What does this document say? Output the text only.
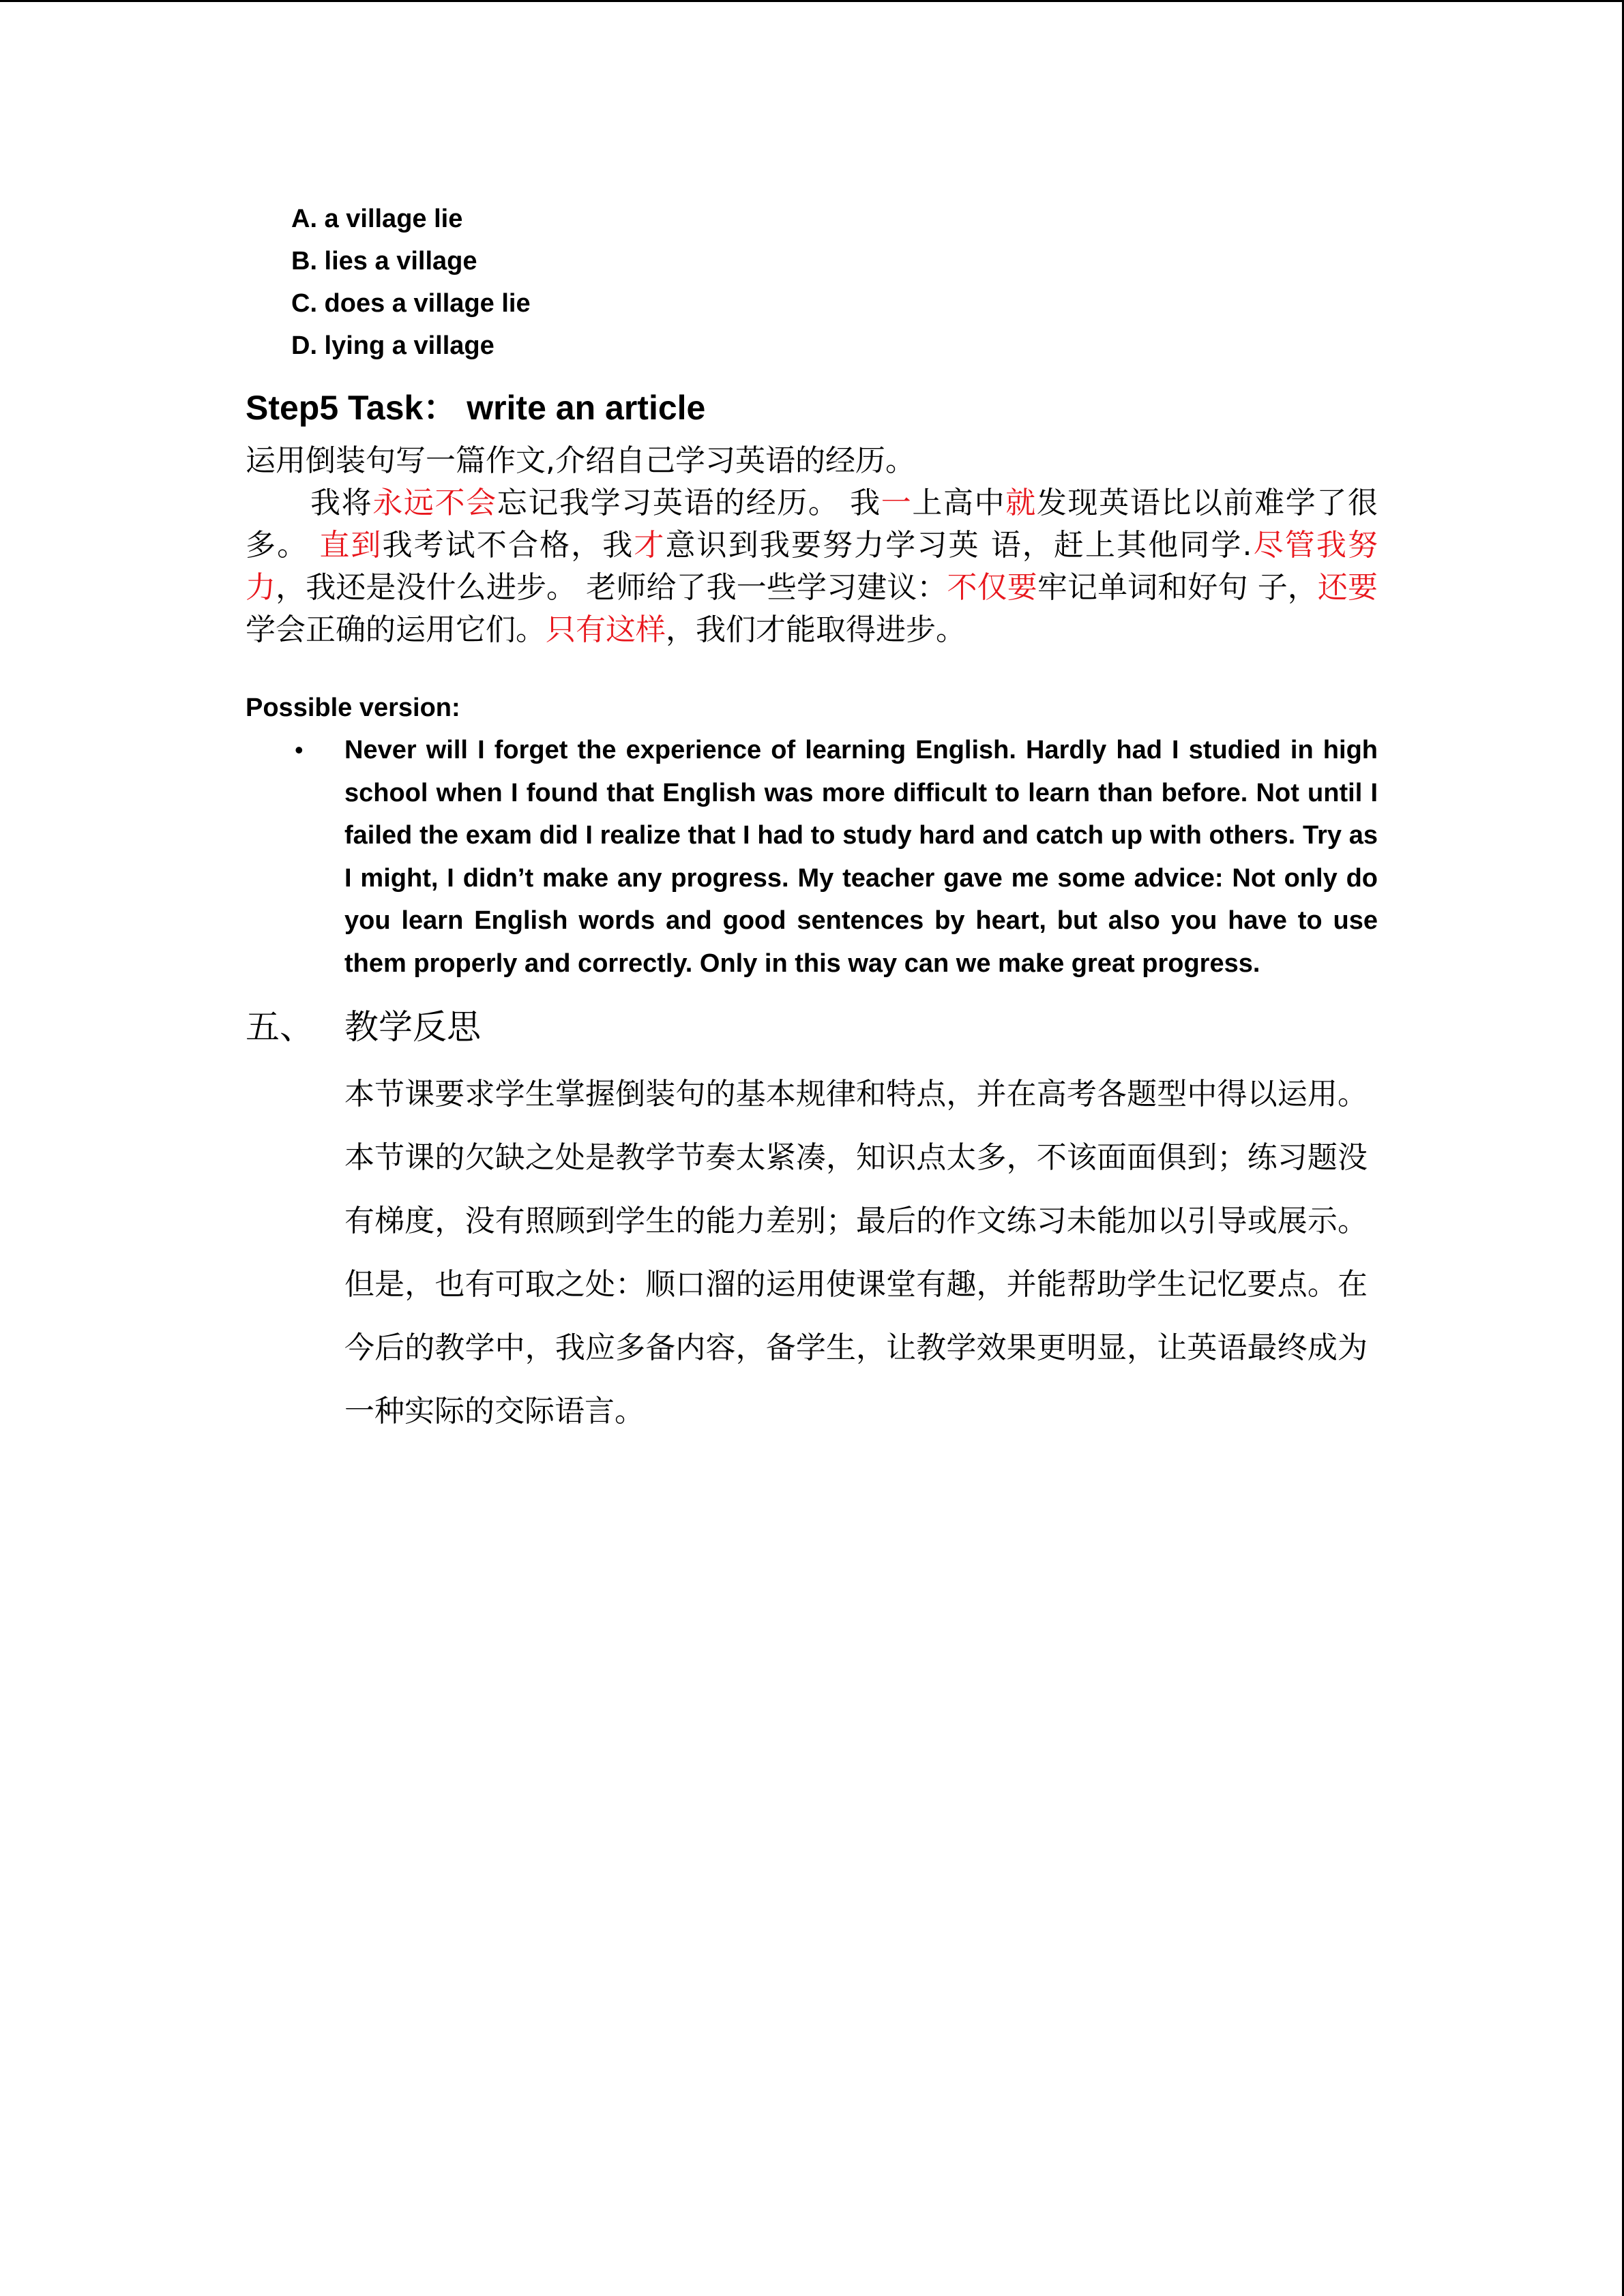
A. a village lie
B. lies a village
C. does a village lie
D. lying a village
Step5 Task： write an article
运用倒装句写一篇作文,介绍自己学习英语的经历。
我将永远不会忘记我学习英语的经历。 我一上高中就发现英语比以前难学了很多。 直到我考试不合格，我才意识到我要努力学习英 语，赶上其他同学.尽管我努力，我还是没什么进步。 老师给了我一些学习建议：不仅要牢记单词和好句 子，还要学会正确的运用它们。只有这样，我们才能取得进步。
Possible version:
• Never will I forget the experience of learning English. Hardly had I studied in high school when I found that English was more difficult to learn than before. Not until I failed the exam did I realize that I had to study hard and catch up with others. Try as I might, I didn’t make any progress. My teacher gave me some advice: Not only do you learn English words and good sentences by heart, but also you have to use them properly and correctly. Only in this way can we make great progress.
五、 教学反思
本节课要求学生掌握倒装句的基本规律和特点，并在高考各题型中得以运用。本节课的欠缺之处是教学节奏太紧凑，知识点太多，不该面面俱到；练习题没有梯度，没有照顾到学生的能力差别；最后的作文练习未能加以引导或展示。但是，也有可取之处：顺口溜的运用使课堂有趣，并能帮助学生记忆要点。在今后的教学中，我应多备内容，备学生，让教学效果更明显，让英语最终成为一种实际的交际语言。
